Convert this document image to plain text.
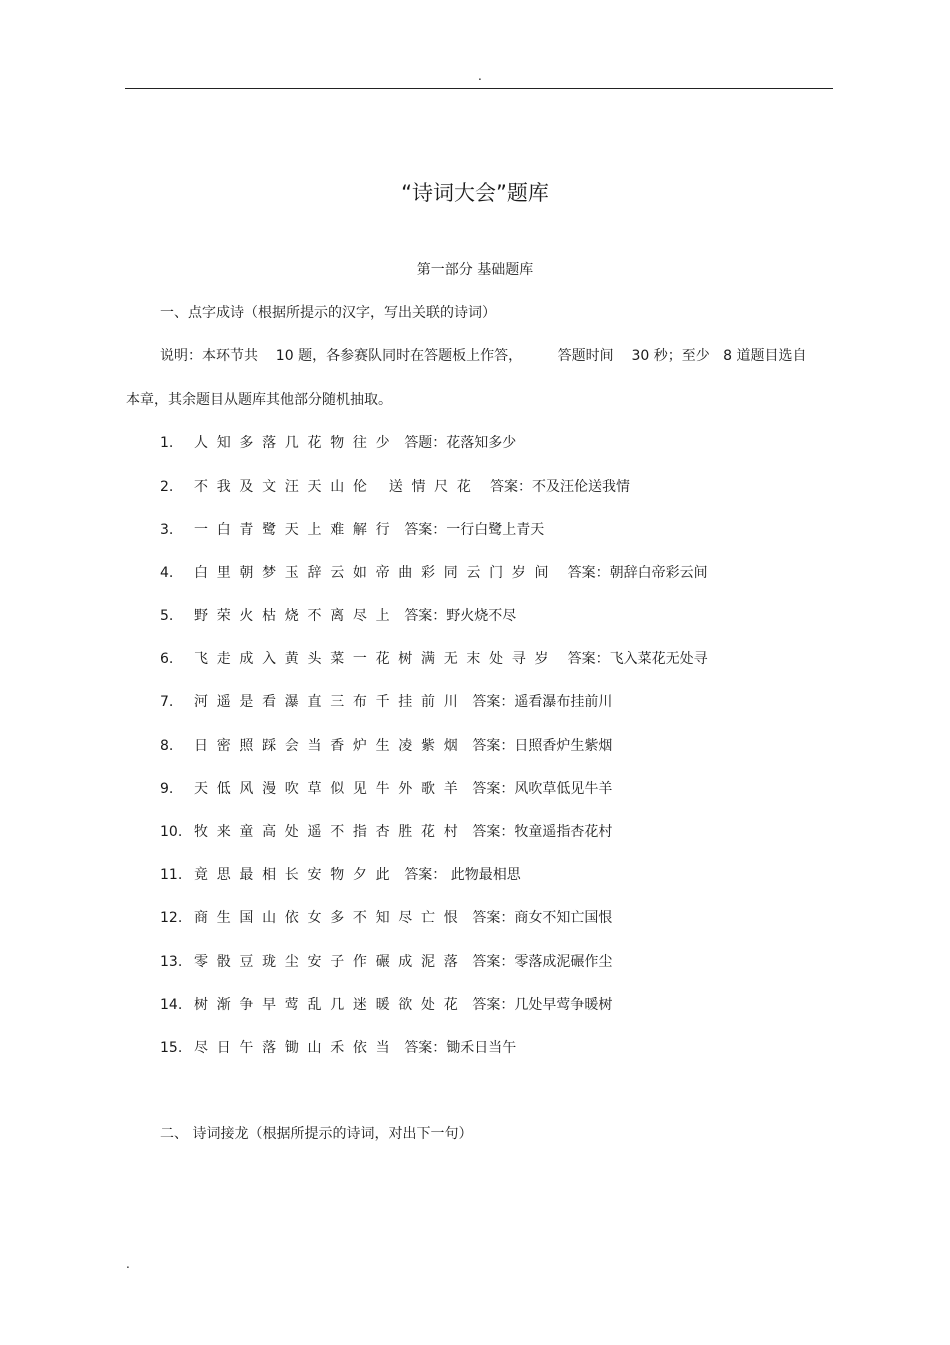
.
“诗词大会”题库
第一部分 基础题库
一、点字成诗（根据所提示的汉字，写出关联的诗词）
说明：本环节共    10 题，各参赛队同时在答题板上作答，        答题时间    30 秒；至少   8 道题目选自
本章，其余题目从题库其他部分随机抽取。
1. 人知多落几花物往少 答题：花落知多少
2. 不我及文汪天山伦 送情尺花 答案：不及汪伦送我情
3. 一白青鹭天上难解行 答案：一行白鹭上青天
4. 白里朝梦玉辞云如帝曲彩同云门岁间 答案：朝辞白帝彩云间
5. 野荣火枯烧不离尽上 答案：野火烧不尽
6. 飞走成入黄头菜一花树满无末处寻岁 答案：飞入菜花无处寻
7. 河遥是看瀑直三布千挂前川 答案：遥看瀑布挂前川
8. 日密照踩会当香炉生凌紫烟 答案：日照香炉生紫烟
9. 天低风漫吹草似见牛外歌羊 答案：风吹草低见牛羊
10. 牧来童高处遥不指杏胜花村 答案：牧童遥指杏花村
11. 竟思最相长安物夕此 答案： 此物最相思
12. 商生国山依女多不知尽亡恨 答案：商女不知亡国恨
13. 零骰豆珑尘安子作碾成泥落 答案：零落成泥碾作尘
14. 树渐争早莺乱几迷暖欲处花 答案：几处早莺争暖树
15. 尽日午落锄山禾依当 答案：锄禾日当午
二、 诗词接龙（根据所提示的诗词，对出下一句）
.
